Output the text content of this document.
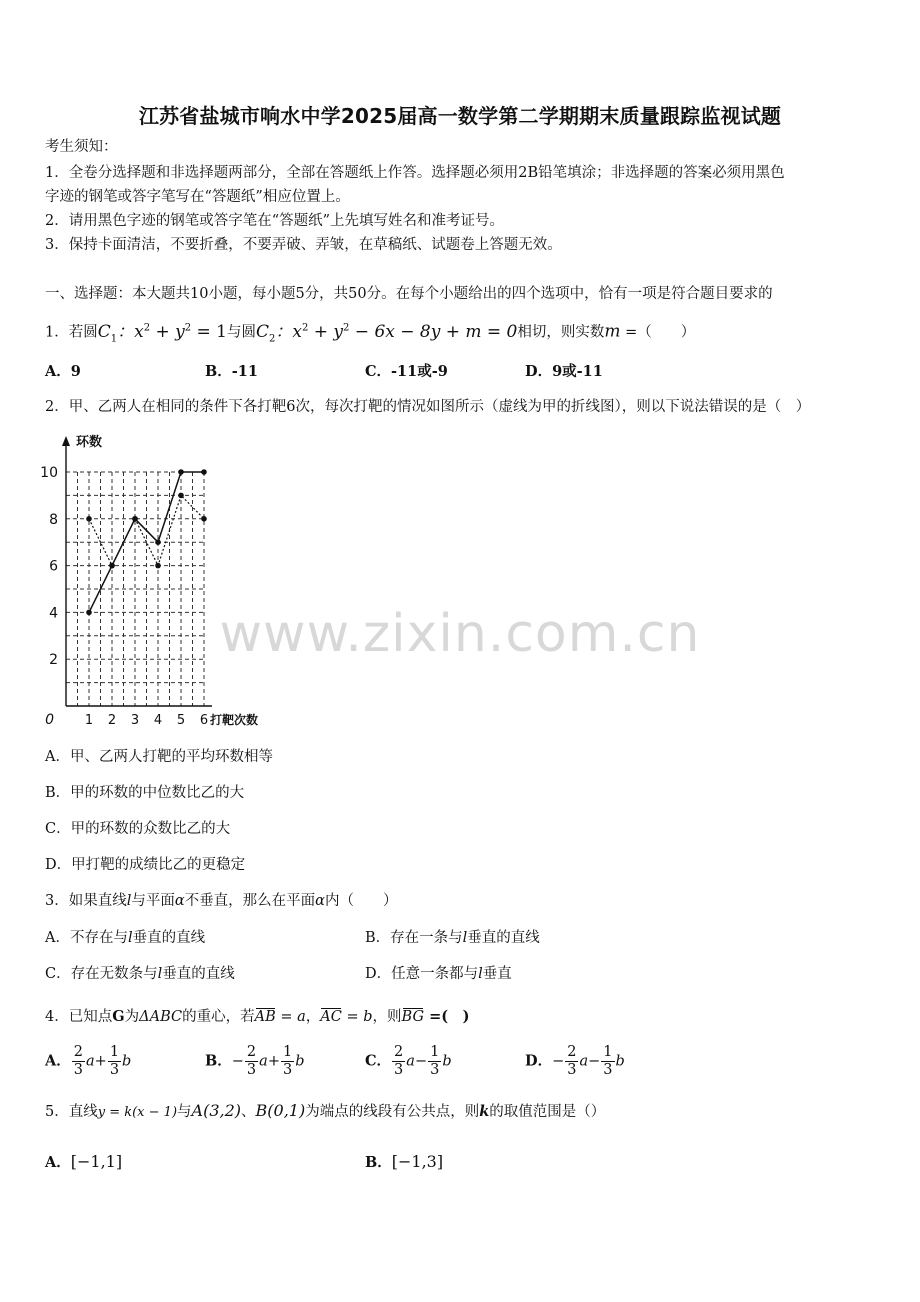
江苏省盐城市响水中学2025届高一数学第二学期期末质量跟踪监视试题
考生须知：
1．全卷分选择题和非选择题两部分，全部在答题纸上作答。选择题必须用2B铅笔填涂；非选择题的答案必须用黑色
字迹的钢笔或答字笔写在“答题纸”相应位置上。
2．请用黑色字迹的钢笔或答字笔在“答题纸”上先填写姓名和准考证号。
3．保持卡面清洁，不要折叠，不要弄破、弄皱，在草稿纸、试题卷上答题无效。
一、选择题：本大题共10小题，每小题5分，共50分。在每个小题给出的四个选项中，恰有一项是符合题目要求的
1．若圆$C_1$：$x^2 + y^2 = 1$与圆$C_2$：$x^2 + y^2 - 6x - 8y + m = 0$相切，则实数m =（　　）
A．9	B．-11	C．-11或-9	D．9或-11
2．甲、乙两人在相同的条件下各打靶6次，每次打靶的情况如图所示（虚线为甲的折线图），则以下说法错误的是（　）
2
4
6
8
10
1 2 3 4 5 6
0
环数
打靶次数
A．甲、乙两人打靶的平均环数相等
B．甲的环数的中位数比乙的大
C．甲的环数的众数比乙的大
D．甲打靶的成绩比乙的更稳定
3．如果直线l与平面α不垂直，那么在平面α内（　　）
A．不存在与l垂直的直线	B．存在一条与l垂直的直线
C．存在无数条与l垂直的直线	D．任意一条都与l垂直
4．已知点G为ΔABC的重心，若AB = a，AC = b，则BG =(　)
A． $\frac{2}{3} a+ \frac{1}{3}$ b	B．− $\frac{2}{3} a+ \frac{1}{3}$ b	C． $\frac{2}{3} a- \frac{1}{3}$ b	D．− $\frac{2}{3} a- \frac{1}{3}$ b
5．直线y = k(x − 1)与A(3,2)、B(0,1)为端点的线段有公共点，则k的取值范围是（）
A．[−1,1]	B．[−1,3]
www.zixin.com.cn
